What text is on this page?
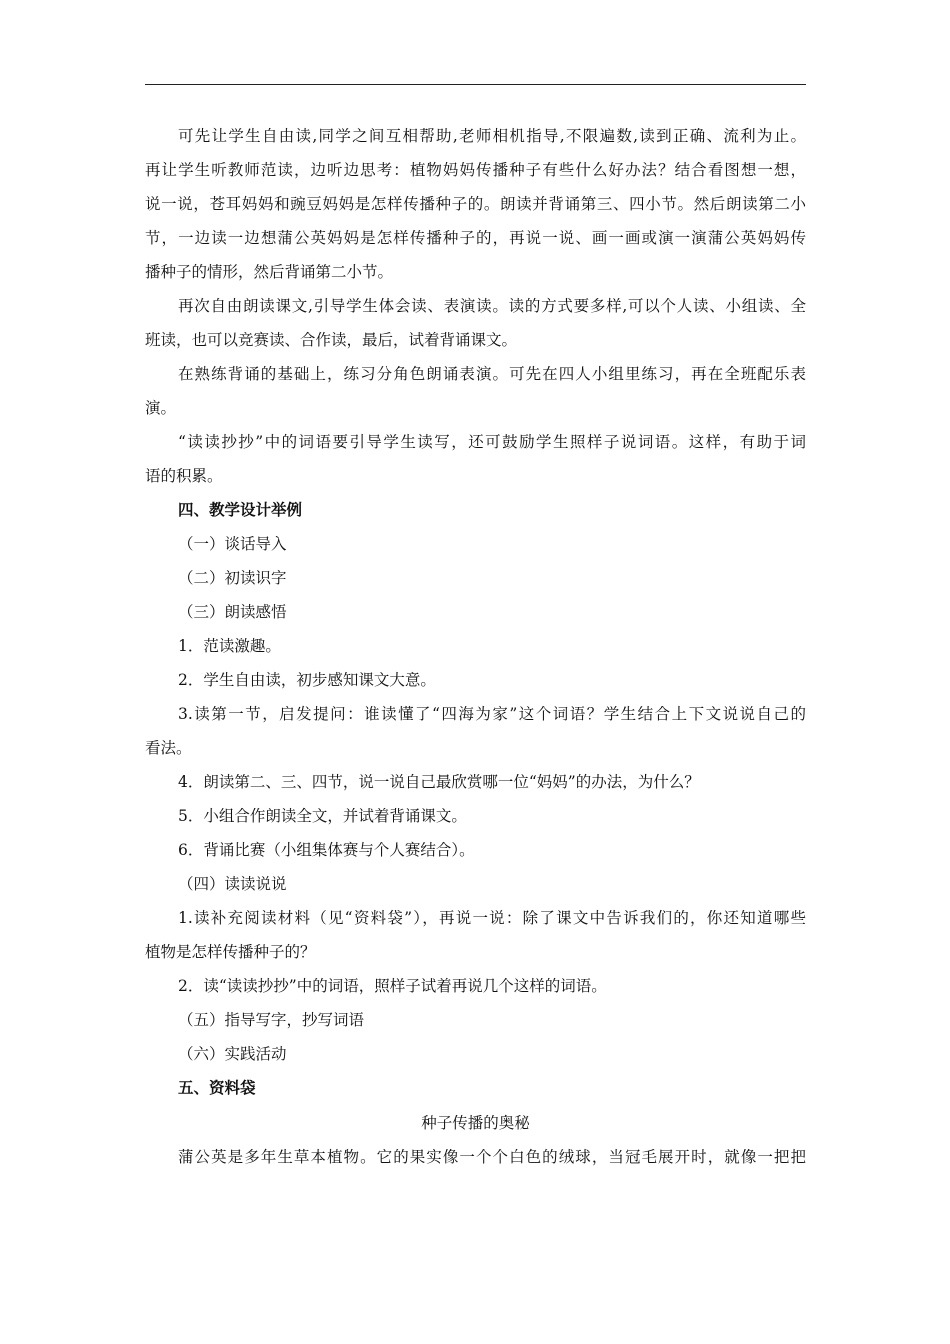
可先让学生自由读,同学之间互相帮助,老师相机指导,不限遍数,读到正确、流利为止。
再让学生听教师范读，边听边思考：植物妈妈传播种子有些什么好办法？结合看图想一想，
说一说，苍耳妈妈和豌豆妈妈是怎样传播种子的。朗读并背诵第三、四小节。然后朗读第二小
节，一边读一边想蒲公英妈妈是怎样传播种子的，再说一说、画一画或演一演蒲公英妈妈传
播种子的情形，然后背诵第二小节。
再次自由朗读课文,引导学生体会读、表演读。读的方式要多样,可以个人读、小组读、全
班读，也可以竞赛读、合作读，最后，试着背诵课文。
在熟练背诵的基础上，练习分角色朗诵表演。可先在四人小组里练习，再在全班配乐表
演。
“读读抄抄”中的词语要引导学生读写，还可鼓励学生照样子说词语。这样，有助于词
语的积累。
四、教学设计举例
（一）谈话导入
（二）初读识字
（三）朗读感悟
1．范读激趣。
2．学生自由读，初步感知课文大意。
3.读第一节，启发提问：谁读懂了“四海为家”这个词语？学生结合上下文说说自己的
看法。
4．朗读第二、三、四节，说一说自己最欣赏哪一位“妈妈”的办法，为什么？
5．小组合作朗读全文，并试着背诵课文。
6．背诵比赛（小组集体赛与个人赛结合）。
（四）读读说说
1.读补充阅读材料（见“资料袋”），再说一说：除了课文中告诉我们的，你还知道哪些
植物是怎样传播种子的？
2．读“读读抄抄”中的词语，照样子试着再说几个这样的词语。
（五）指导写字，抄写词语
（六）实践活动
五、资料袋
种子传播的奥秘
蒲公英是多年生草本植物。它的果实像一个个白色的绒球，当冠毛展开时，就像一把把
